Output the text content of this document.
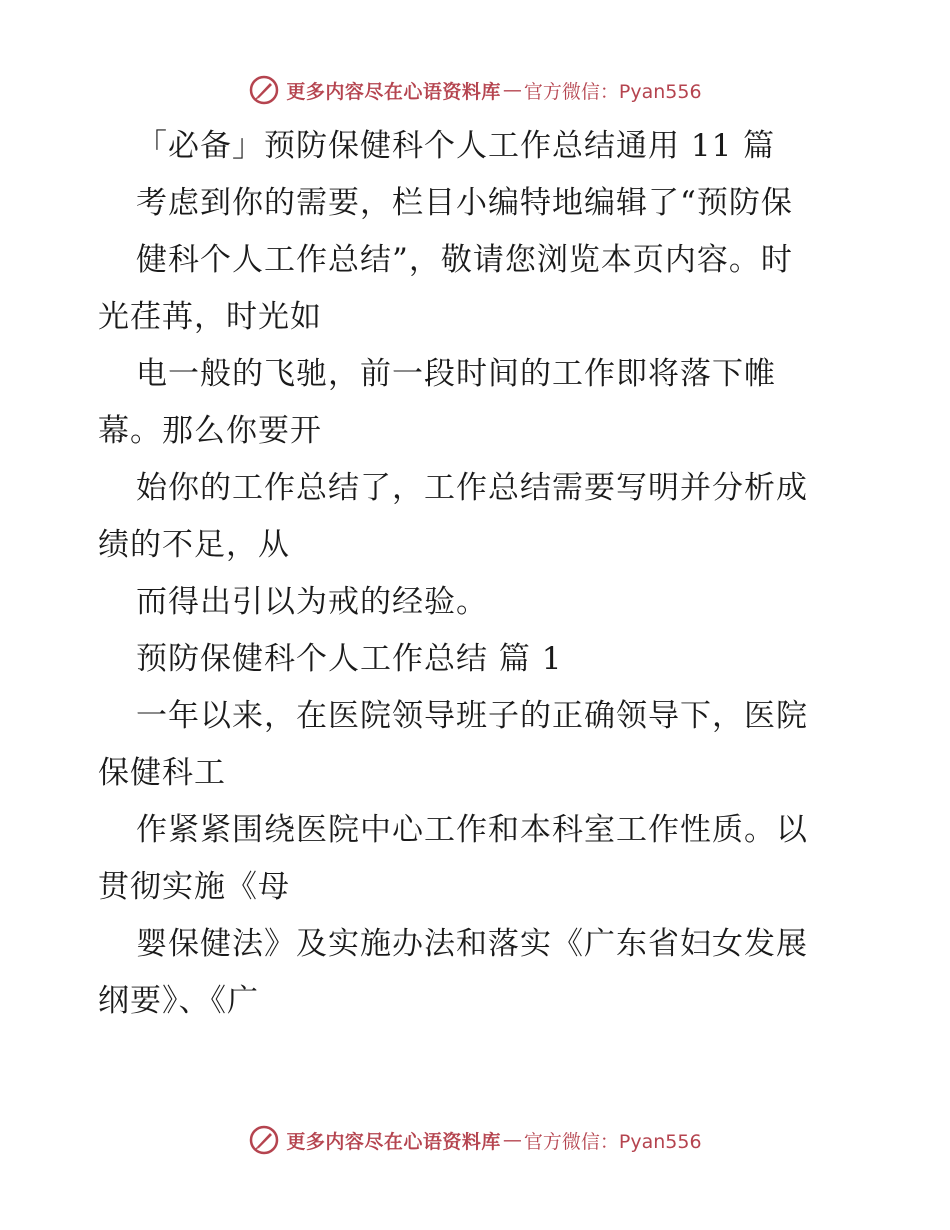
更多内容尽在心语资料库 — 官方微信：Pyan556
「必备」预防保健科个人工作总结通用 11 篇
考虑到你的需要，栏目小编特地编辑了“预防保
健科个人工作总结”，敬请您浏览本页内容。时
光荏苒，时光如
电一般的飞驰，前一段时间的工作即将落下帷
幕。那么你要开
始你的工作总结了，工作总结需要写明并分析成
绩的不足，从
而得出引以为戒的经验。
预防保健科个人工作总结 篇 1
一年以来，在医院领导班子的正确领导下，医院
保健科工
作紧紧围绕医院中心工作和本科室工作性质。以
贯彻实施《母
婴保健法》及实施办法和落实《广东省妇女发展
纲要》、《广
更多内容尽在心语资料库 — 官方微信：Pyan556
